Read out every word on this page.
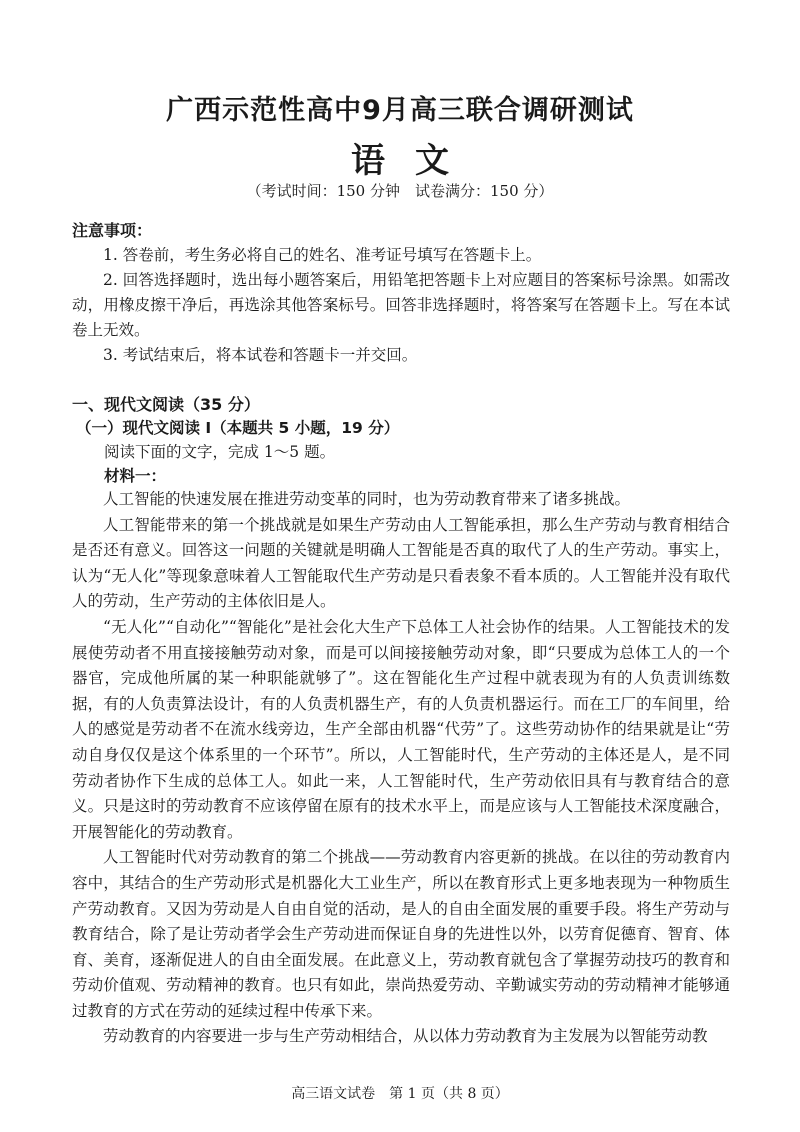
广西示范性高中9月高三联合调研测试
语文
（考试时间：150 分钟　试卷满分：150 分）
注意事项：

1. 答卷前，考生务必将自己的姓名、准考证号填写在答题卡上。

2. 回答选择题时，选出每小题答案后，用铅笔把答题卡上对应题目的答案标号涂黑。如需改动，用橡皮擦干净后，再选涂其他答案标号。回答非选择题时，将答案写在答题卡上。写在本试卷上无效。

3. 考试结束后，将本试卷和答题卡一并交回。

一、现代文阅读（35 分）
（一）现代文阅读 I（本题共 5 小题，19 分）
阅读下面的文字，完成 1～5 题。
材料一：

人工智能的快速发展在推进劳动变革的同时，也为劳动教育带来了诸多挑战。

人工智能带来的第一个挑战就是如果生产劳动由人工智能承担，那么生产劳动与教育相结合是否还有意义。回答这一问题的关键就是明确人工智能是否真的取代了人的生产劳动。事实上，认为“无人化”等现象意味着人工智能取代生产劳动是只看表象不看本质的。人工智能并没有取代人的劳动，生产劳动的主体依旧是人。

“无人化”“自动化”“智能化”是社会化大生产下总体工人社会协作的结果。人工智能技术的发展使劳动者不用直接接触劳动对象，而是可以间接接触劳动对象，即“只要成为总体工人的一个器官，完成他所属的某一种职能就够了”。这在智能化生产过程中就表现为有的人负责训练数据，有的人负责算法设计，有的人负责机器生产，有的人负责机器运行。而在工厂的车间里，给人的感觉是劳动者不在流水线旁边，生产全部由机器“代劳”了。这些劳动协作的结果就是让“劳动自身仅仅是这个体系里的一个环节”。所以，人工智能时代，生产劳动的主体还是人，是不同劳动者协作下生成的总体工人。如此一来，人工智能时代，生产劳动依旧具有与教育结合的意义。只是这时的劳动教育不应该停留在原有的技术水平上，而是应该与人工智能技术深度融合，开展智能化的劳动教育。

人工智能时代对劳动教育的第二个挑战——劳动教育内容更新的挑战。在以往的劳动教育内容中，其结合的生产劳动形式是机器化大工业生产，所以在教育形式上更多地表现为一种物质生产劳动教育。又因为劳动是人自由自觉的活动，是人的自由全面发展的重要手段。将生产劳动与教育结合，除了是让劳动者学会生产劳动进而保证自身的先进性以外，以劳育促德育、智育、体育、美育，逐渐促进人的自由全面发展。在此意义上，劳动教育就包含了掌握劳动技巧的教育和劳动价值观、劳动精神的教育。也只有如此，崇尚热爱劳动、辛勤诚实劳动的劳动精神才能够通过教育的方式在劳动的延续过程中传承下来。

劳动教育的内容要进一步与生产劳动相结合，从以体力劳动教育为主发展为以智能劳动教

高三语文试卷　第 1 页（共 8 页）
